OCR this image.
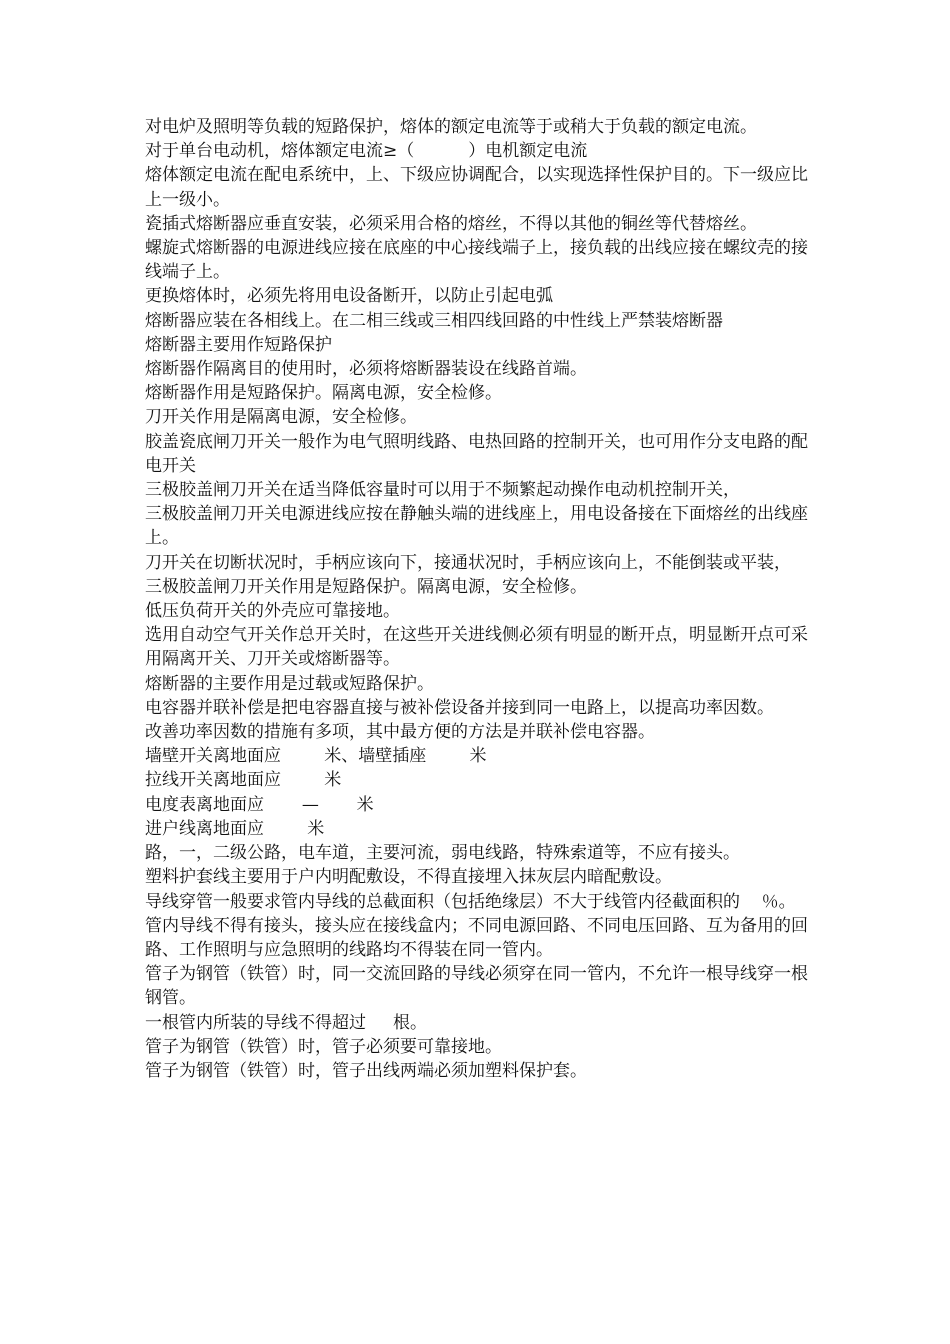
对电炉及照明等负载的短路保护，熔体的额定电流等于或稍大于负载的额定电流。

对于单台电动机，熔体额定电流≥（          ）电机额定电流

熔体额定电流在配电系统中，上、下级应协调配合，以实现选择性保护目的。下一级应比上一级小。

瓷插式熔断器应垂直安装，必须采用合格的熔丝，不得以其他的铜丝等代替熔丝。

螺旋式熔断器的电源进线应接在底座的中心接线端子上，接负载的出线应接在螺纹壳的接线端子上。

更换熔体时，必须先将用电设备断开，以防止引起电弧

熔断器应装在各相线上。在二相三线或三相四线回路的中性线上严禁装熔断器

熔断器主要用作短路保护

熔断器作隔离目的使用时，必须将熔断器装设在线路首端。

熔断器作用是短路保护。隔离电源，安全检修。

刀开关作用是隔离电源，安全检修。

胶盖瓷底闸刀开关一般作为电气照明线路、电热回路的控制开关，也可用作分支电路的配电开关

三极胶盖闸刀开关在适当降低容量时可以用于不频繁起动操作电动机控制开关，

三极胶盖闸刀开关电源进线应按在静触头端的进线座上，用电设备接在下面熔丝的出线座上。

刀开关在切断状况时，手柄应该向下，接通状况时，手柄应该向上，不能倒装或平装，

三极胶盖闸刀开关作用是短路保护。隔离电源，安全检修。

低压负荷开关的外壳应可靠接地。

选用自动空气开关作总开关时，在这些开关进线侧必须有明显的断开点，明显断开点可采用隔离开关、刀开关或熔断器等。

熔断器的主要作用是过载或短路保护。

电容器并联补偿是把电容器直接与被补偿设备并接到同一电路上，以提高功率因数。

改善功率因数的措施有多项，其中最方便的方法是并联补偿电容器。

墙壁开关离地面应        米、墙壁插座        米

拉线开关离地面应        米

电度表离地面应       —       米

进户线离地面应        米

路，一，二级公路，电车道，主要河流，弱电线路，特殊索道等，不应有接头。

塑料护套线主要用于户内明配敷设，不得直接埋入抹灰层内暗配敷设。

导线穿管一般要求管内导线的总截面积（包括绝缘层）不大于线管内径截面积的    ％。

管内导线不得有接头，接头应在接线盒内；不同电源回路、不同电压回路、互为备用的回路、工作照明与应急照明的线路均不得装在同一管内。

管子为钢管（铁管）时，同一交流回路的导线必须穿在同一管内，不允许一根导线穿一根钢管。

一根管内所装的导线不得超过     根。

管子为钢管（铁管）时，管子必须要可靠接地。

管子为钢管（铁管）时，管子出线两端必须加塑料保护套。
